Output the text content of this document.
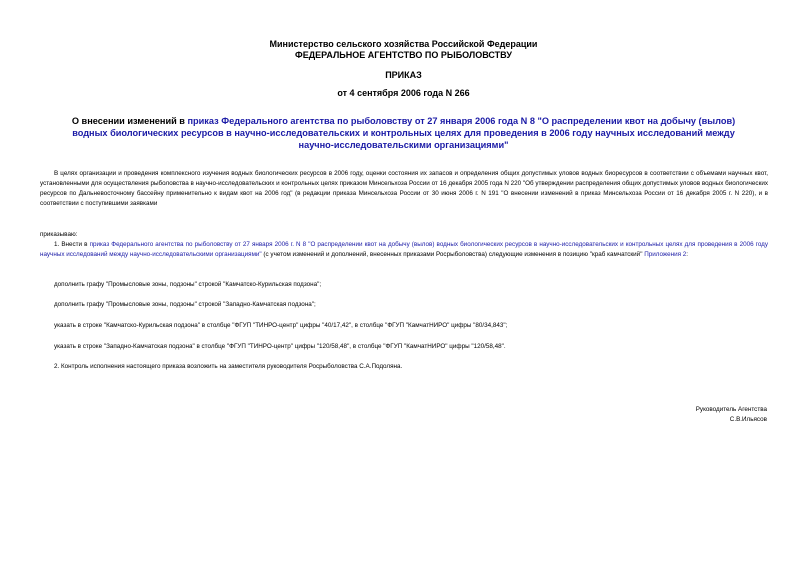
Министерство сельского хозяйства Российской Федерации
ФЕДЕРАЛЬНОЕ АГЕНТСТВО ПО РЫБОЛОВСТВУ
ПРИКАЗ
от 4 сентября 2006 года N 266
О внесении изменений в приказ Федерального агентства по рыболовству от 27 января 2006 года N 8 "О распределении квот на добычу (вылов) водных биологических ресурсов в научно-исследовательских и контрольных целях для проведения в 2006 году научных исследований между научно-исследовательскими организациями"
В целях организации и проведения комплексного изучения водных биологических ресурсов в 2006 году, оценки состояния их запасов и определения общих допустимых уловов водных биоресурсов в соответствии с объемами научных квот, установленными для осуществления рыболовства в научно-исследовательских и контрольных целях приказом Минсельхоза России от 16 декабря 2005 года N 220 "Об утверждении распределения общих допустимых уловов водных биологических ресурсов по Дальневосточному бассейну применительно к видам квот на 2006 год" (в редакции приказа Минсельхоза России от 30 июня 2006 г. N 191 "О внесении изменений в приказ Минсельхоза России от 16 декабря 2005 г. N 220), и в соответствии с поступившими заявками
приказываю:
1. Внести в приказ Федерального агентства по рыболовству от 27 января 2006 г. N 8 "О распределении квот на добычу (вылов) водных биологических ресурсов в научно-исследовательских и контрольных целях для проведения в 2006 году научных исследований между научно-исследовательскими организациями" (с учетом изменений и дополнений, внесенных приказами Росрыболовства) следующие изменения в позицию "краб камчатский" Приложения 2:
дополнить графу "Промысловые зоны, подзоны" строкой "Камчатско-Курильская подзона";
дополнить графу "Промысловые зоны, подзоны" строкой "Западно-Камчатская подзона";
указать в строке "Камчатско-Курильская подзона" в столбце "ФГУП "ТИНРО-центр" цифры "40/17,42", в столбце "ФГУП "КамчатНИРО" цифры "80/34,843";
указать в строке "Западно-Камчатская подзона" в столбце "ФГУП "ТИНРО-центр" цифры "120/58,48", в столбце "ФГУП "КамчатНИРО" цифры "120/58,48".
2. Контроль исполнения настоящего приказа возложить на заместителя руководителя Росрыболовства С.А.Подоляна.
Руководитель Агентства
С.В.Ильясов
